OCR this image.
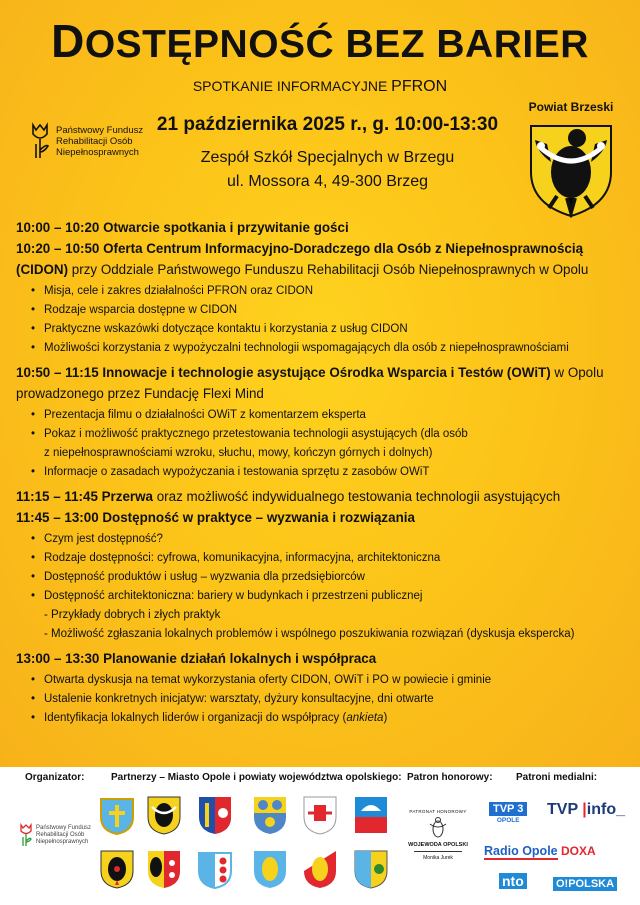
DOSTĘPNOŚĆ BEZ BARIER
SPOTKANIE INFORMACYJNE PFRON
Państwowy Fundusz
Rehabilitacji Osób
Niepełnosprawnych
21 października 2025 r., g. 10:00-13:30
Zespół Szkół Specjalnych w Brzegu
ul. Mossora 4, 49-300 Brzeg
Powiat Brzeski
10:00 – 10:20 Otwarcie spotkania i przywitanie gości
10:20 – 10:50 Oferta Centrum Informacyjno-Doradczego dla Osób z Niepełnosprawnością
(CIDON) przy Oddziale Państwowego Funduszu Rehabilitacji Osób Niepełnosprawnych w Opolu
• Misja, cele i zakres działalności PFRON oraz CIDON
• Rodzaje wsparcia dostępne w CIDON
• Praktyczne wskazówki dotyczące kontaktu i korzystania z usług CIDON
• Możliwości korzystania z wypożyczalni technologii wspomagających dla osób z niepełnosprawnościami
10:50 – 11:15 Innowacje i technologie asystujące Ośrodka Wsparcia i Testów (OWiT) w Opolu
prowadzonego przez Fundację Flexi Mind
• Prezentacja filmu o działalności OWiT z komentarzem eksperta
• Pokaz i możliwość praktycznego przetestowania technologii asystujących (dla osób
z niepełnosprawnościami wzroku, słuchu, mowy, kończyn górnych i dolnych)
• Informacje o zasadach wypożyczania i testowania sprzętu z zasobów OWiT
11:15 – 11:45 Przerwa oraz możliwość indywidualnego testowania technologii asystujących
11:45 – 13:00 Dostępność w praktyce – wyzwania i rozwiązania
• Czym jest dostępność?
• Rodzaje dostępności: cyfrowa, komunikacyjna, informacyjna, architektoniczna
• Dostępność produktów i usług – wyzwania dla przedsiębiorców
• Dostępność architektoniczna: bariery w budynkach i przestrzeni publicznej
- Przykłady dobrych i złych praktyk
- Możliwość zgłaszania lokalnych problemów i wspólnego poszukiwania rozwiązań (dyskusja ekspercka)
13:00 – 13:30 Planowanie działań lokalnych i współpraca
• Otwarta dyskusja na temat wykorzystania oferty CIDON, OWiT i PO w powiecie i gminie
• Ustalenie konkretnych inicjatyw: warsztaty, dyżury konsultacyjne, dni otwarte
• Identyfikacja lokalnych liderów i organizacji do współpracy (ankieta)
Organizator:	Partnerzy – Miasto Opole i powiaty województwa opolskiego: Patron honorowy: Patroni medialni:
Państwowy Fundusz
Rehabilitacji Osób
Niepełnosprawnych
PATRONAT HONOROWY
WOJEWODA OPOLSKI
Monika Jurek
TVP 3
OPOLE
TVP |info_
Radio Opole DOXA
nto	O!POLSKA
